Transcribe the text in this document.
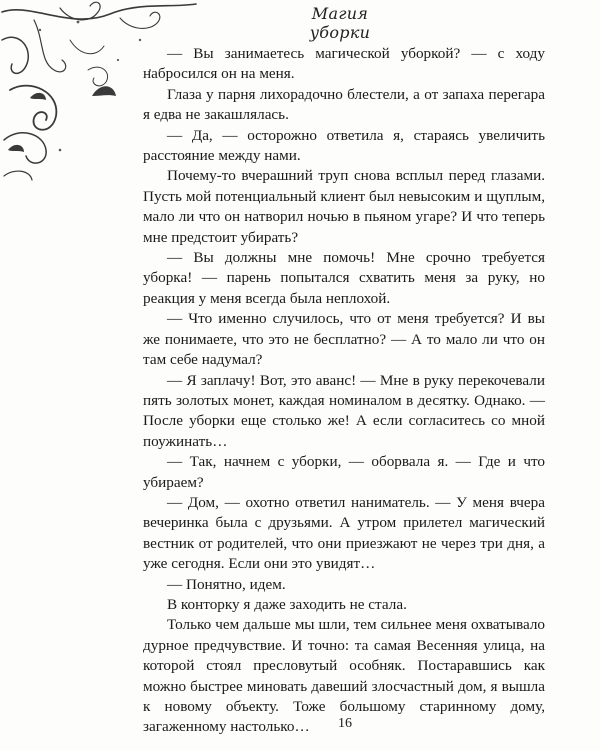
Магия уборки

— Вы занимаетесь магической уборкой? — с ходу набросился он на меня.

Глаза у парня лихорадочно блестели, а от запаха перегара я едва не закашлялась.

— Да, — осторожно ответила я, стараясь увеличить расстояние между нами.

Почему-то вчерашний труп снова всплыл перед глазами. Пусть мой потенциальный клиент был невысоким и щуплым, мало ли что он натворил ночью в пьяном угаре? И что теперь мне предстоит убирать?

— Вы должны мне помочь! Мне срочно требуется уборка! — парень попытался схватить меня за руку, но реакция у меня всегда была неплохой.

— Что именно случилось, что от меня требуется? И вы же понимаете, что это не бесплатно? — А то мало ли что он там себе надумал?

— Я заплачу! Вот, это аванс! — Мне в руку перекочевали пять золотых монет, каждая номиналом в десятку. Однако. — После уборки еще столько же! А если согласитесь со мной поужинать…

— Так, начнем с уборки, — оборвала я. — Где и что убираем?

— Дом, — охотно ответил наниматель. — У меня вчера вечеринка была с друзьями. А утром прилетел магический вестник от родителей, что они приезжают не через три дня, а уже сегодня. Если они это увидят…

— Понятно, идем.

В конторку я даже заходить не стала.

Только чем дальше мы шли, тем сильнее меня охватывало дурное предчувствие. И точно: та самая Весенняя улица, на которой стоял пресловутый особняк. Постаравшись как можно быстрее миновать давеший злосчастный дом, я вышла к новому объекту. Тоже большому старинному дому, загаженному настолько…	16
